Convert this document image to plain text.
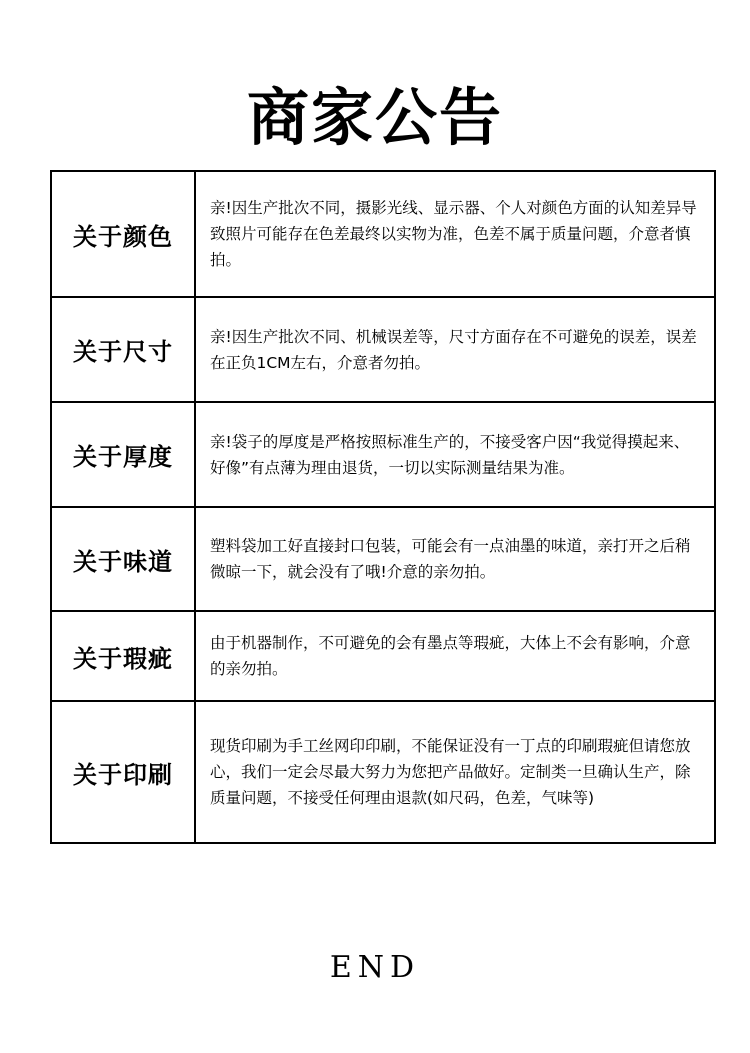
商家公告
关于颜色	亲!因生产批次不同，摄影光线、显示器、个人对颜色方面的认知差异导致照片可能存在色差最终以实物为准，色差不属于质量问题，介意者慎拍。
关于尺寸	亲!因生产批次不同、机械误差等，尺寸方面存在不可避免的误差，误差在正负1CM左右，介意者勿拍。
关于厚度	亲!袋子的厚度是严格按照标准生产的，不接受客户因“我觉得摸起来、好像”有点薄为理由退货，一切以实际测量结果为准。
关于味道	塑料袋加工好直接封口包装，可能会有一点油墨的味道，亲打开之后稍微晾一下，就会没有了哦!介意的亲勿拍。
关于瑕疵	由于机器制作，不可避免的会有墨点等瑕疵，大体上不会有影响，介意的亲勿拍。
关于印刷	现货印刷为手工丝网印印刷，不能保证没有一丁点的印刷瑕疵但请您放心，我们一定会尽最大努力为您把产品做好。定制类一旦确认生产，除质量问题，不接受任何理由退款(如尺码，色差，气味等)
END
